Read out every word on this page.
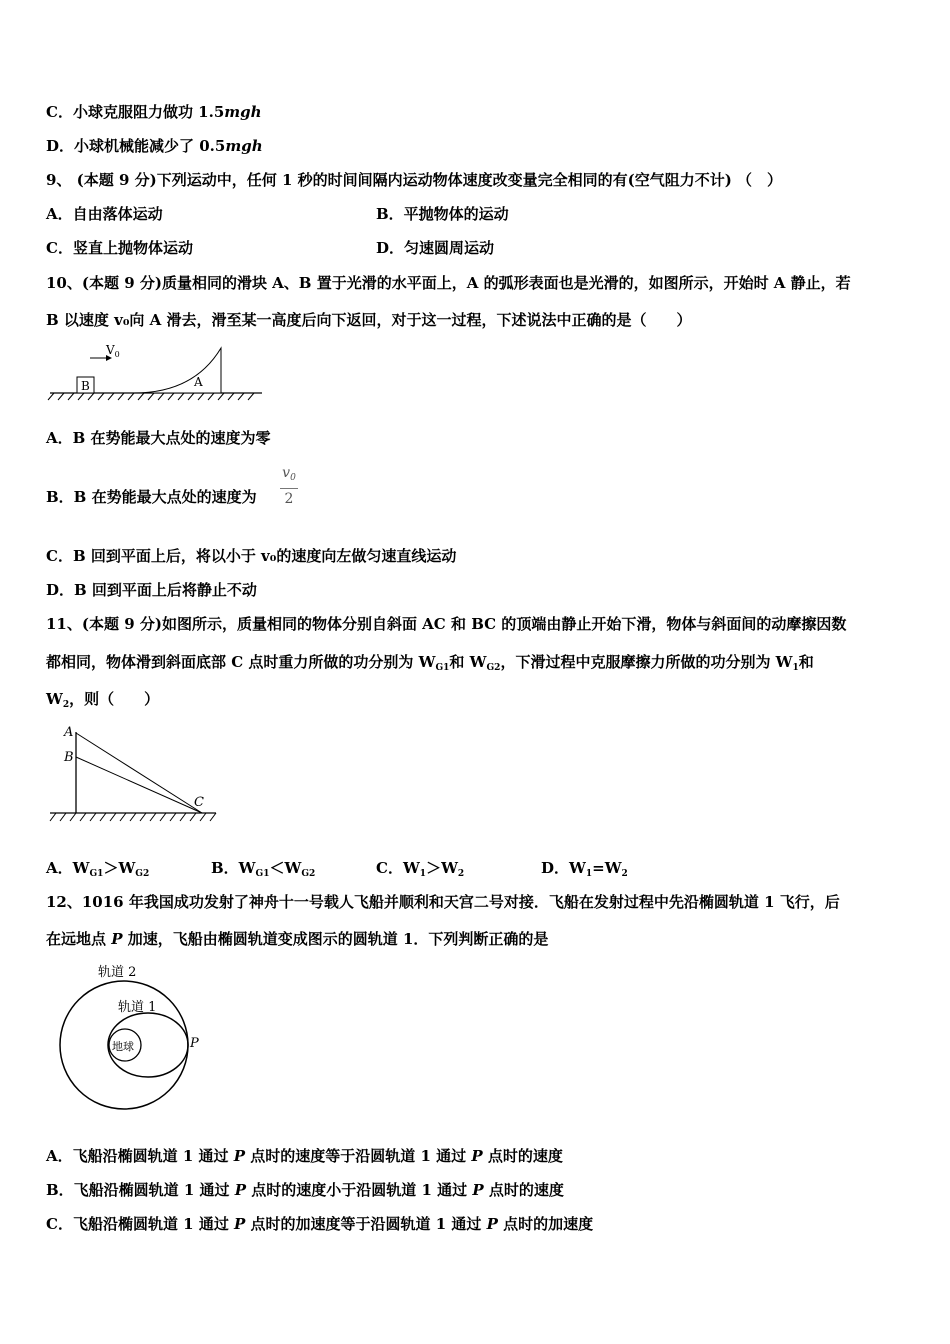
C．小球克服阻力做功 1.5mgh
D．小球机械能减少了 0.5mgh
9、 (本题 9 分)下列运动中，任何 1 秒的时间间隔内运动物体速度改变量完全相同的有(空气阻力不计) （　）
A．自由落体运动	B．平抛物体的运动
C．竖直上抛物体运动	D．匀速圆周运动
10、(本题 9 分)质量相同的滑块 A、B 置于光滑的水平面上，A 的弧形表面也是光滑的，如图所示，开始时 A 静止，若
B 以速度 v₀向 A 滑去，滑至某一高度后向下返回，对于这一过程，下述说法中正确的是（　　）
B
$V_0$
A
A．B 在势能最大点处的速度为零
B．B 在势能最大点处的速度为
$v_0$
2
C．B 回到平面上后，将以小于 v₀的速度向左做匀速直线运动
D．B 回到平面上后将静止不动
11、(本题 9 分)如图所示，质量相同的物体分别自斜面 AC 和 BC 的顶端由静止开始下滑，物体与斜面间的动摩擦因数
都相同，物体滑到斜面底部 C 点时重力所做的功分别为 $W_{G1}$和 $W_{G2}$，下滑过程中克服摩擦力所做的功分别为 $W_1$和
$W_2$，则（　　）
A
B
C
A．$W_{G1}>W_{G2}$	B．$W_{G1}<W_{G2}$	C．$W_1>W_2$	D．$W_1=W_2$
12、1016 年我国成功发射了神舟十一号载人飞船并顺利和天宫二号对接．飞船在发射过程中先沿椭圆轨道 1 飞行，后
在远地点 P 加速，飞船由椭圆轨道变成图示的圆轨道 1．下列判断正确的是
轨道 2
轨道 1
地球	P
A．飞船沿椭圆轨道 1 通过 P 点时的速度等于沿圆轨道 1 通过 P 点时的速度
B．飞船沿椭圆轨道 1 通过 P 点时的速度小于沿圆轨道 1 通过 P 点时的速度
C．飞船沿椭圆轨道 1 通过 P 点时的加速度等于沿圆轨道 1 通过 P 点时的加速度
